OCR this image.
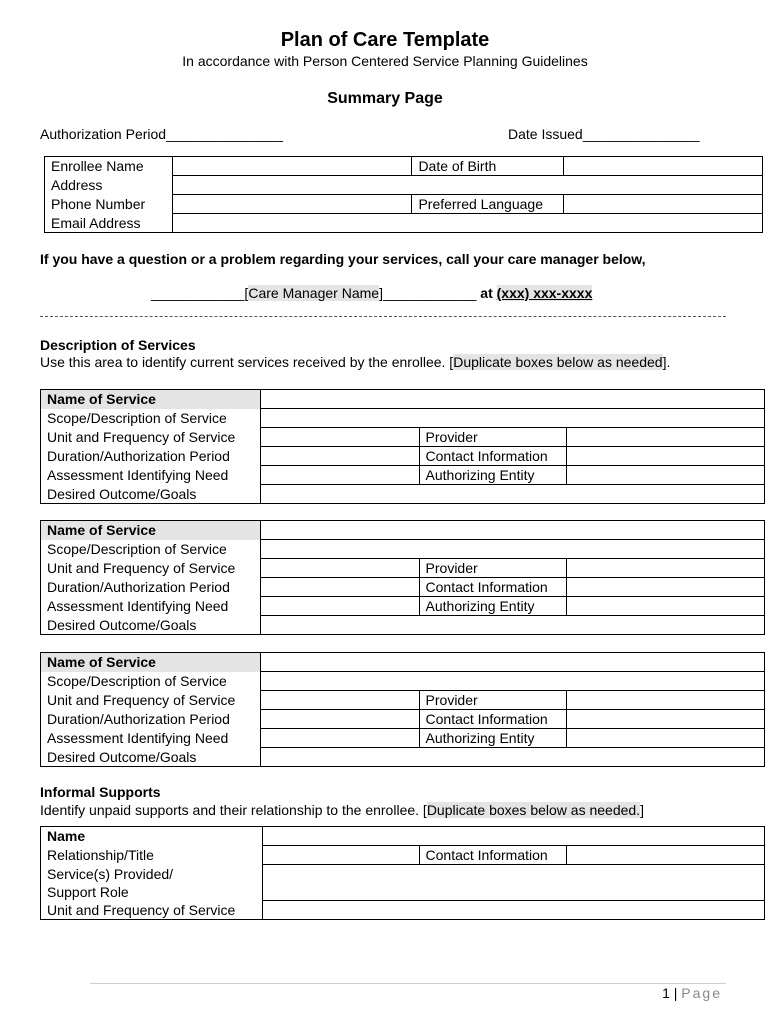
Plan of Care Template
In accordance with Person Centered Service Planning Guidelines
Summary Page
Authorization Period_______________	Date Issued_______________
Enrollee Name		Date of Birth	
Address			
Phone Number		Preferred Language	
Email Address			
If you have a question or a problem regarding your services, call your care manager below,
____________[Care Manager Name]____________ at (xxx) xxx-xxxx
Description of Services
Use this area to identify current services received by the enrollee. [Duplicate boxes below as needed].
Name of Service			
Scope/Description of Service			
Unit and Frequency of Service		Provider	
Duration/Authorization Period		Contact Information	
Assessment Identifying Need		Authorizing Entity	
Desired Outcome/Goals			
Name of Service			
Scope/Description of Service			
Unit and Frequency of Service		Provider	
Duration/Authorization Period		Contact Information	
Assessment Identifying Need		Authorizing Entity	
Desired Outcome/Goals			
Name of Service			
Scope/Description of Service			
Unit and Frequency of Service		Provider	
Duration/Authorization Period		Contact Information	
Assessment Identifying Need		Authorizing Entity	
Desired Outcome/Goals			
Informal Supports
Identify unpaid supports and their relationship to the enrollee. [Duplicate boxes below as needed.]
Name			
Relationship/Title		Contact Information	

Service(s) Provided/
Support Role			

Unit and Frequency of Service			
1 | Page
